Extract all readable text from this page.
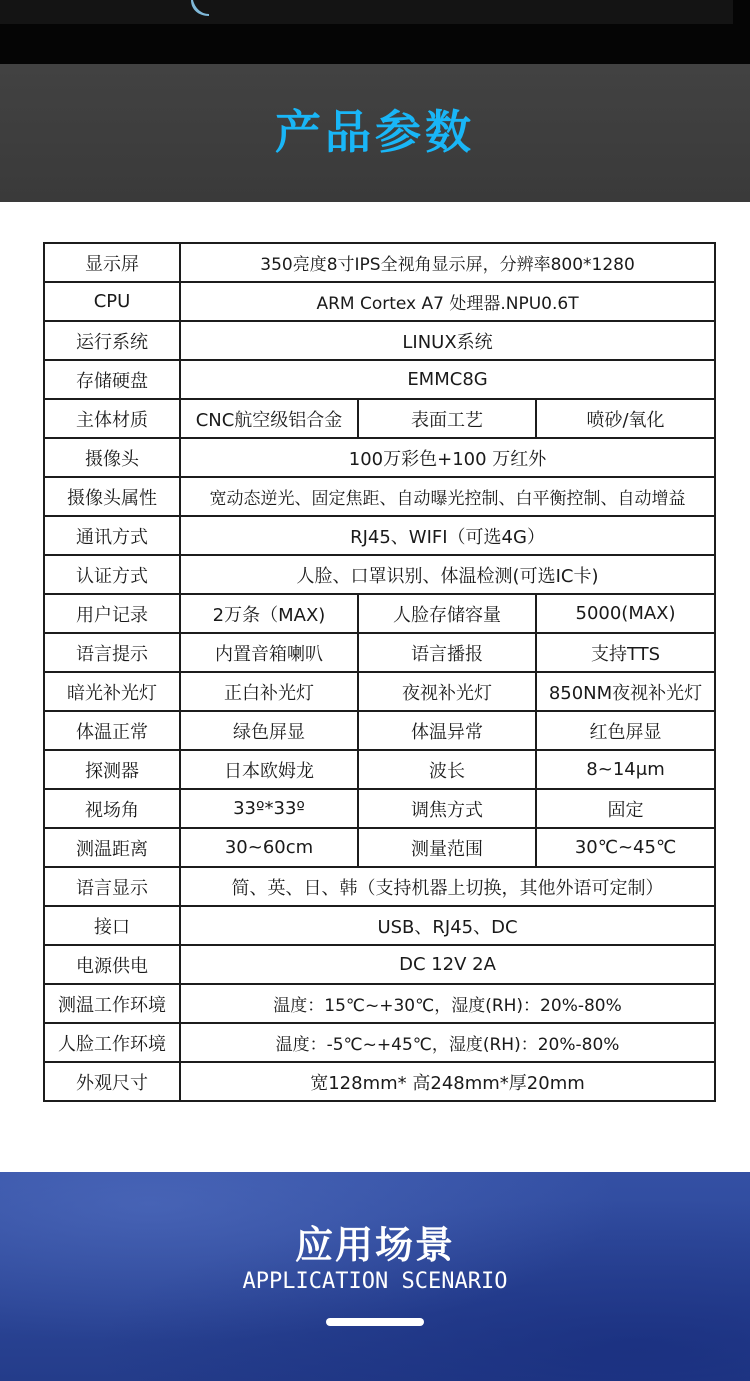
产品参数
显示屏	350亮度8寸IPS全视角显示屏，分辨率800*1280		
CPU	ARM Cortex A7 处理器.NPU0.6T		
运行系统	LINUX系统		
存储硬盘	EMMC8G		
主体材质	CNC航空级铝合金	表面工艺	喷砂/氧化
摄像头	100万彩色+100 万红外		
摄像头属性	宽动态逆光、固定焦距、自动曝光控制、白平衡控制、自动增益		
通讯方式	RJ45、WIFI（可选4G）		
认证方式	人脸、口罩识别、体温检测(可选IC卡)		
用户记录	2万条（MAX)	人脸存储容量	5000(MAX)
语言提示	内置音箱喇叭	语言播报	支持TTS
暗光补光灯	正白补光灯	夜视补光灯	850NM夜视补光灯
体温正常	绿色屏显	体温异常	红色屏显
探测器	日本欧姆龙	波长	8~14μm
视场角	33º*33º	调焦方式	固定
测温距离	30~60cm	测量范围	30℃~45℃
语言显示	简、英、日、韩（支持机器上切换，其他外语可定制）		
接口	USB、RJ45、DC		
电源供电	DC 12V 2A		
测温工作环境	温度：15℃~+30℃，湿度(RH)：20%-80%		
人脸工作环境	温度：-5℃~+45℃，湿度(RH)：20%-80%		
外观尺寸	宽128mm* 高248mm*厚20mm		
应用场景
APPLICATION SCENARIO
